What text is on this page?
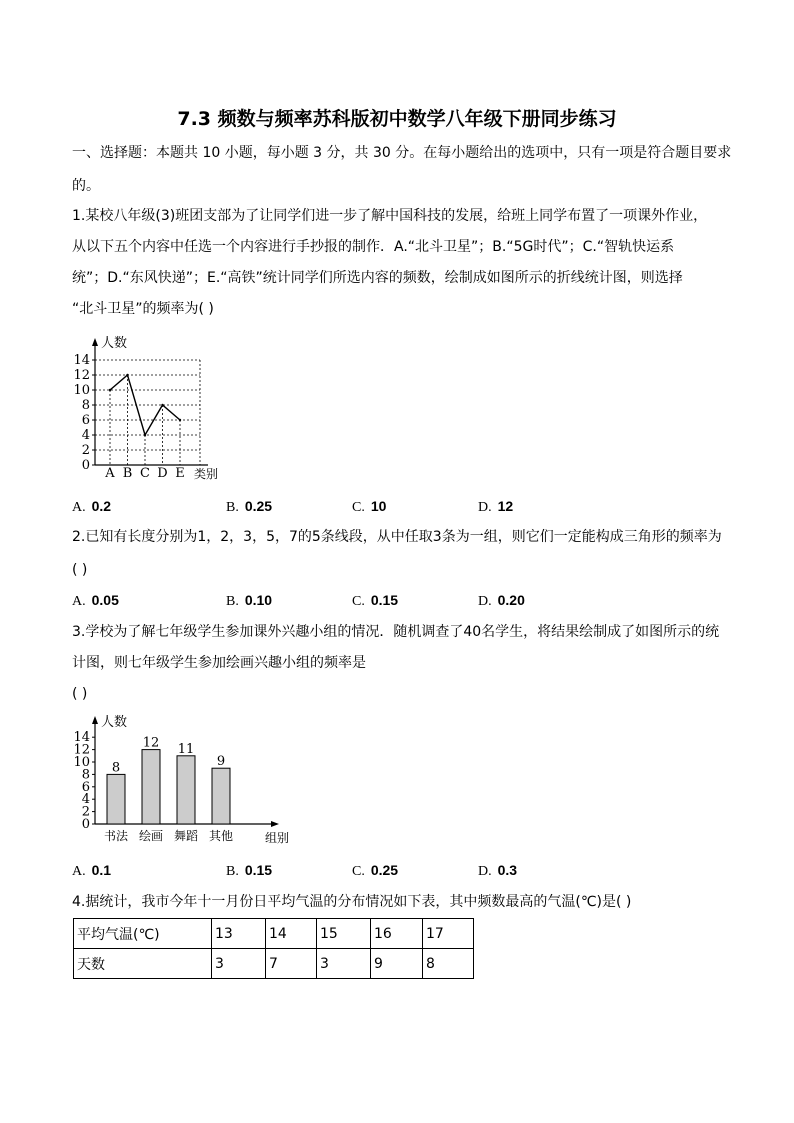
7.3 频数与频率苏科版初中数学八年级下册同步练习
一、选择题：本题共 10 小题，每小题 3 分，共 30 分。在每小题给出的选项中，只有一项是符合题目要求
的。
1.某校八年级(3)班团支部为了让同学们进一步了解中国科技的发展，给班上同学布置了一项课外作业，
从以下五个内容中任选一个内容进行手抄报的制作．A.“北斗卫星”；B.“5G时代”；C.“智轨快运系
统”；D.“东风快递”；E.“高铁”统计同学们所选内容的频数，绘制成如图所示的折线统计图，则选择
“北斗卫星”的频率为( )
0
2
4
6
8
10
12
14
A B C D E
人数
类别
A. 0.2	B. 0.25	C. 10	D. 12
2.已知有长度分别为1，2，3，5，7的5条线段，从中任取3条为一组，则它们一定能构成三角形的频率为
( )
A. 0.05	B. 0.10	C. 0.15	D. 0.20
3.学校为了解七年级学生参加课外兴趣小组的情况．随机调查了40名学生，将结果绘制成了如图所示的统
计图，则七年级学生参加绘画兴趣小组的频率是
( )
0
2
4
6
8
10
12
14
8
书法
12
绘画
11
舞蹈
9
其他
人数
组别
A. 0.1	B. 0.15	C. 0.25	D. 0.3
4.据统计，我市今年十一月份日平均气温的分布情况如下表，其中频数最高的气温(℃)是( )
平均气温(℃)	13	14	15	16	17
天数	3	7	3	9	8
